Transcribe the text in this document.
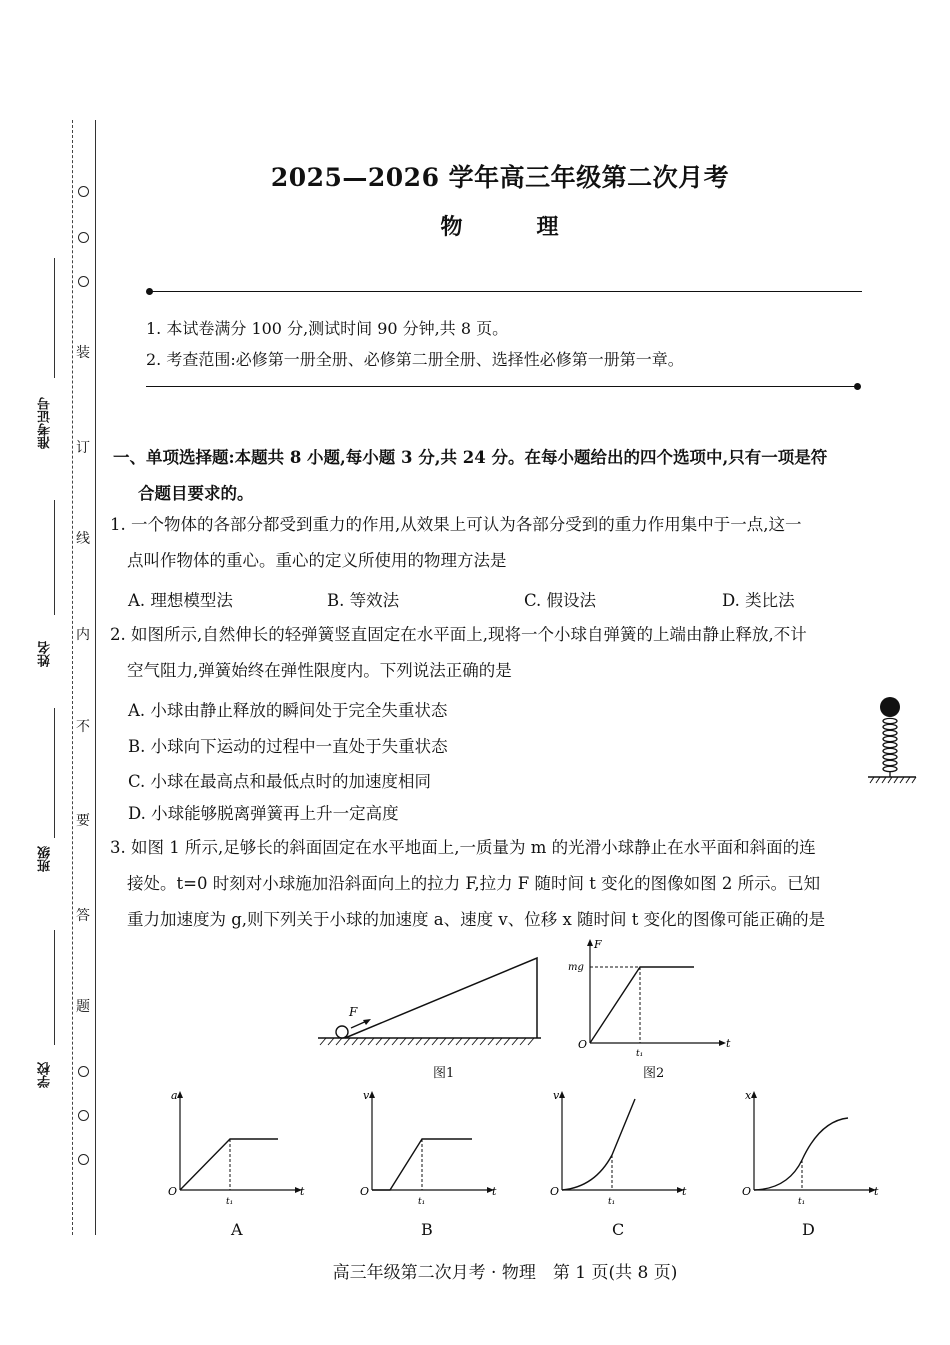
装
订
线
内
不
要
答
题
准考证号
姓名
班级
学校
2025—2026 学年高三年级第二次月考
物　理
1. 本试卷满分 100 分,测试时间 90 分钟,共 8 页。
2. 考查范围:必修第一册全册、必修第二册全册、选择性必修第一册第一章。
一、单项选择题:本题共 8 小题,每小题 3 分,共 24 分。在每小题给出的四个选项中,只有一项是符
合题目要求的。
1. 一个物体的各部分都受到重力的作用,从效果上可认为各部分受到的重力作用集中于一点,这一
点叫作物体的重心。重心的定义所使用的物理方法是
A. 理想模型法	B. 等效法	C. 假设法	D. 类比法
2. 如图所示,自然伸长的轻弹簧竖直固定在水平面上,现将一个小球自弹簧的上端由静止释放,不计
空气阻力,弹簧始终在弹性限度内。下列说法正确的是
A. 小球由静止释放的瞬间处于完全失重状态
B. 小球向下运动的过程中一直处于失重状态
C. 小球在最高点和最低点时的加速度相同
D. 小球能够脱离弹簧再上升一定高度
3. 如图 1 所示,足够长的斜面固定在水平地面上,一质量为 m 的光滑小球静止在水平面和斜面的连
接处。t=0 时刻对小球施加沿斜面向上的拉力 F,拉力 F 随时间 t 变化的图像如图 2 所示。已知
重力加速度为 g,则下列关于小球的加速度 a、速度 v、位移 x 随时间 t 变化的图像可能正确的是
F
图1
F
mg
O
t₁
t
图2
a
O
t₁
t
A
v
O
t₁
t
B
v
O
t₁
t
C
x
O
t₁
t
D
高三年级第二次月考 · 物理　第 1 页(共 8 页)
